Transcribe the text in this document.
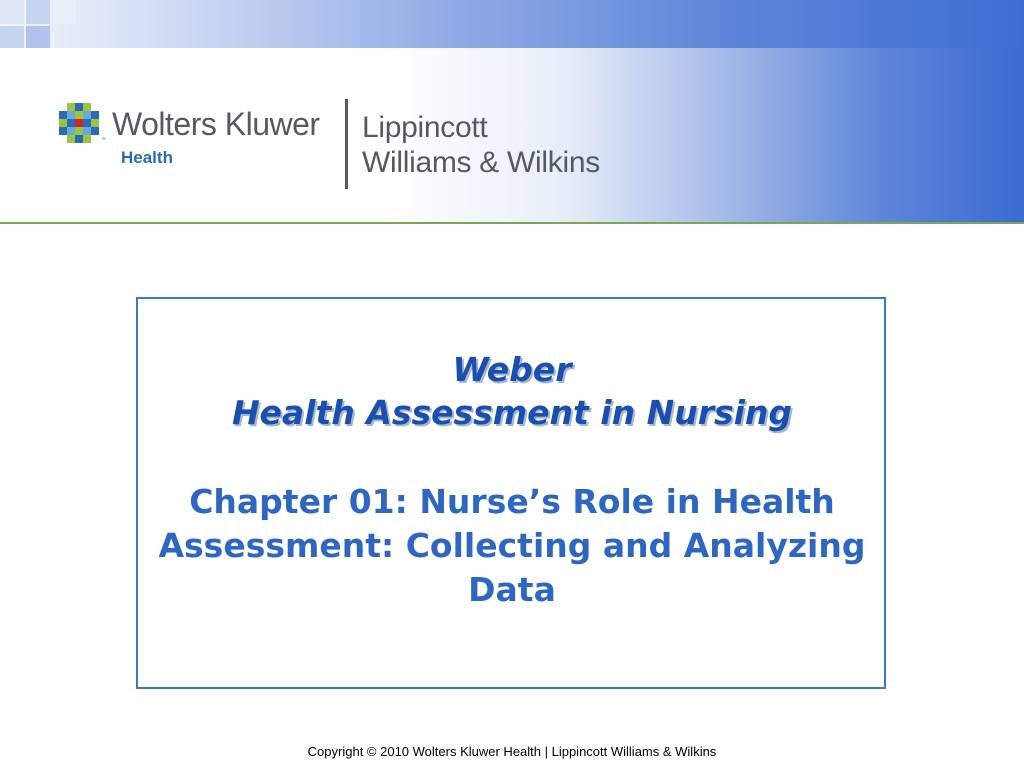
™ Wolters Kluwer
Health
Lippincott
Williams & Wilkins
Weber
Health Assessment in Nursing
Chapter 01: Nurse’s Role in Health Assessment: Collecting and Analyzing Data
Copyright © 2010 Wolters Kluwer Health | Lippincott Williams & Wilkins
